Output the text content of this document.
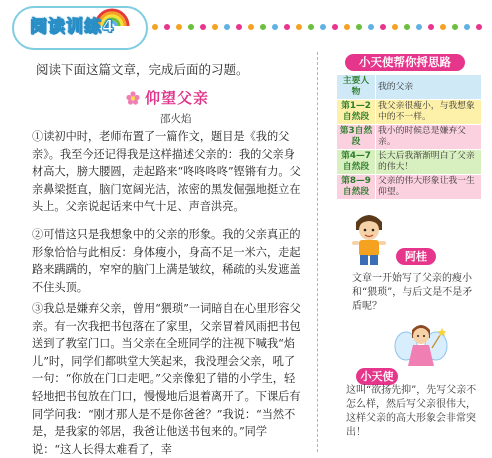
阅读训练4
阅读下面这篇文章，完成后面的习题。
仰望父亲
邵火焰
①读初中时，老师布置了一篇作文，题目是《我的父亲》。我至今还记得我是这样描述父亲的：我的父亲身材高大，膀大腰圆，走起路来“咚咚咚咚”铿锵有力。父亲鼻梁挺直，脑门宽阔光洁，浓密的黑发倔强地挺立在头上。父亲说起话来中气十足、声音洪亮。
②可惜这只是我想象中的父亲的形象。我的父亲真正的形象恰恰与此相反：身体瘦小，身高不足一米六，走起路来蹒蹒的，窄窄的脑门上满是皱纹，稀疏的头发遮盖不住头顶。
③我总是嫌弃父亲，曾用“猥琐”一词暗自在心里形容父亲。有一次我把书包落在了家里，父亲冒着风雨把书包送到了教室门口。当父亲在全班同学的注视下喊我“焰儿”时，同学们都哄堂大笑起来，我没理会父亲，吼了一句：“你放在门口走吧。”父亲像犯了错的小学生，轻轻地把书包放在门口，慢慢地后退着离开了。下课后有同学问我：“刚才那人是不是你爸爸？”我说：“当然不是，是我家的邻居，我爸让他送书包来的。”同学说：“这人长得太难看了，幸
小天使帮你捋思路
主要人物	我的父亲
第1—2自然段	我父亲很瘦小，与我想象中的不一样。
第3自然段	我小的时候总是嫌弃父亲。
第4—7自然段	长大后我渐渐明白了父亲的伟大！
第8—9自然段	父亲的伟大形象让我一生仰望。
阿桂
文章一开始写了父亲的瘦小和“猥琐”，与后文是不是矛盾呢？
小天使
这叫“欲扬先抑”，先写父亲不怎么样，然后写父亲很伟大，这样父亲的高大形象会非常突出！
